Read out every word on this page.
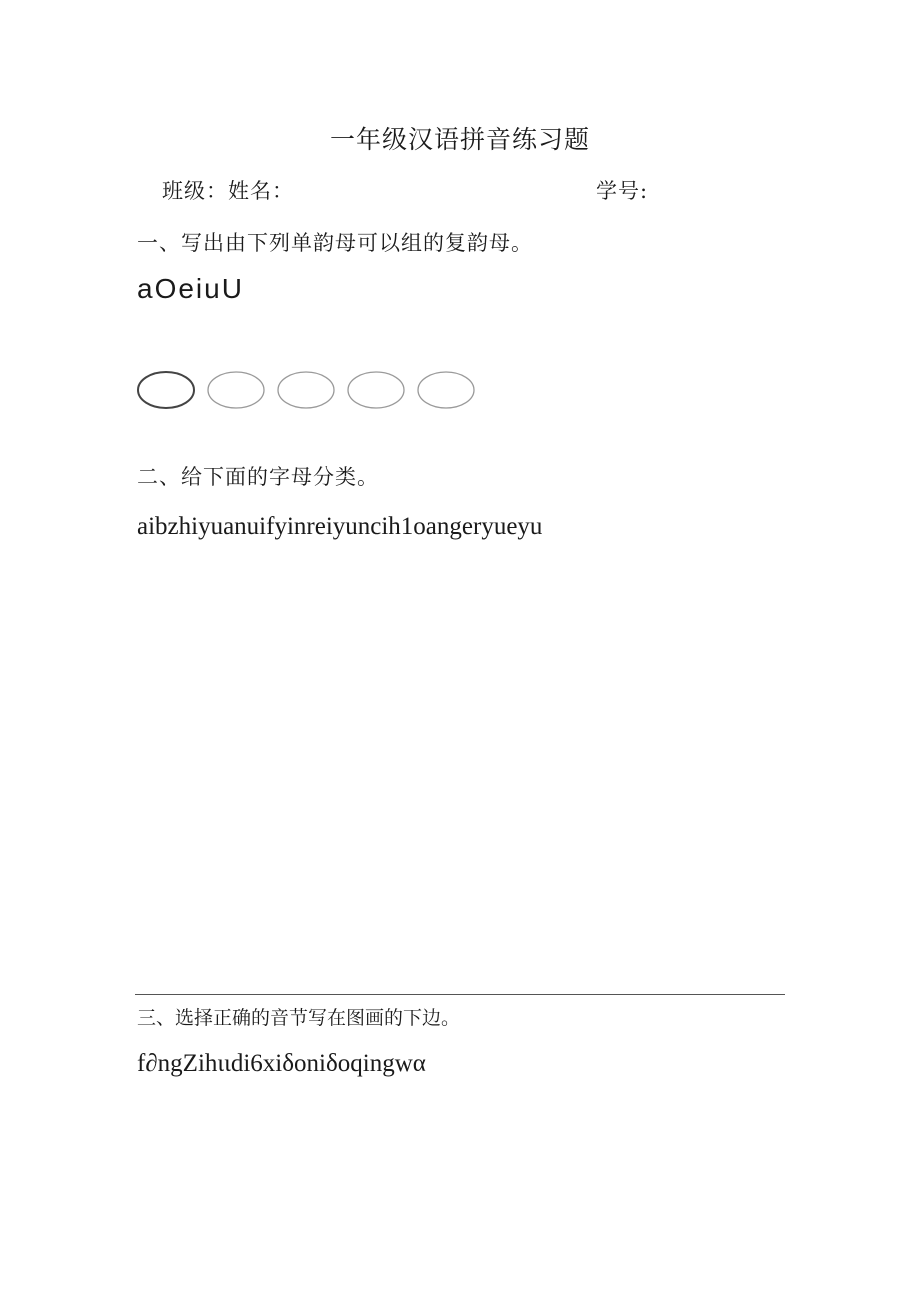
一年级汉语拼音练习题
班级：姓名：	学号:
一、写出由下列单韵母可以组的复韵母。
aOeiuU
二、给下面的字母分类。
aibzhiyuanuifyinreiyuncih1oangeryueyu
三、选择正确的音节写在图画的下边。
f∂ngZihιιdi6xiδoniδoqingwα
